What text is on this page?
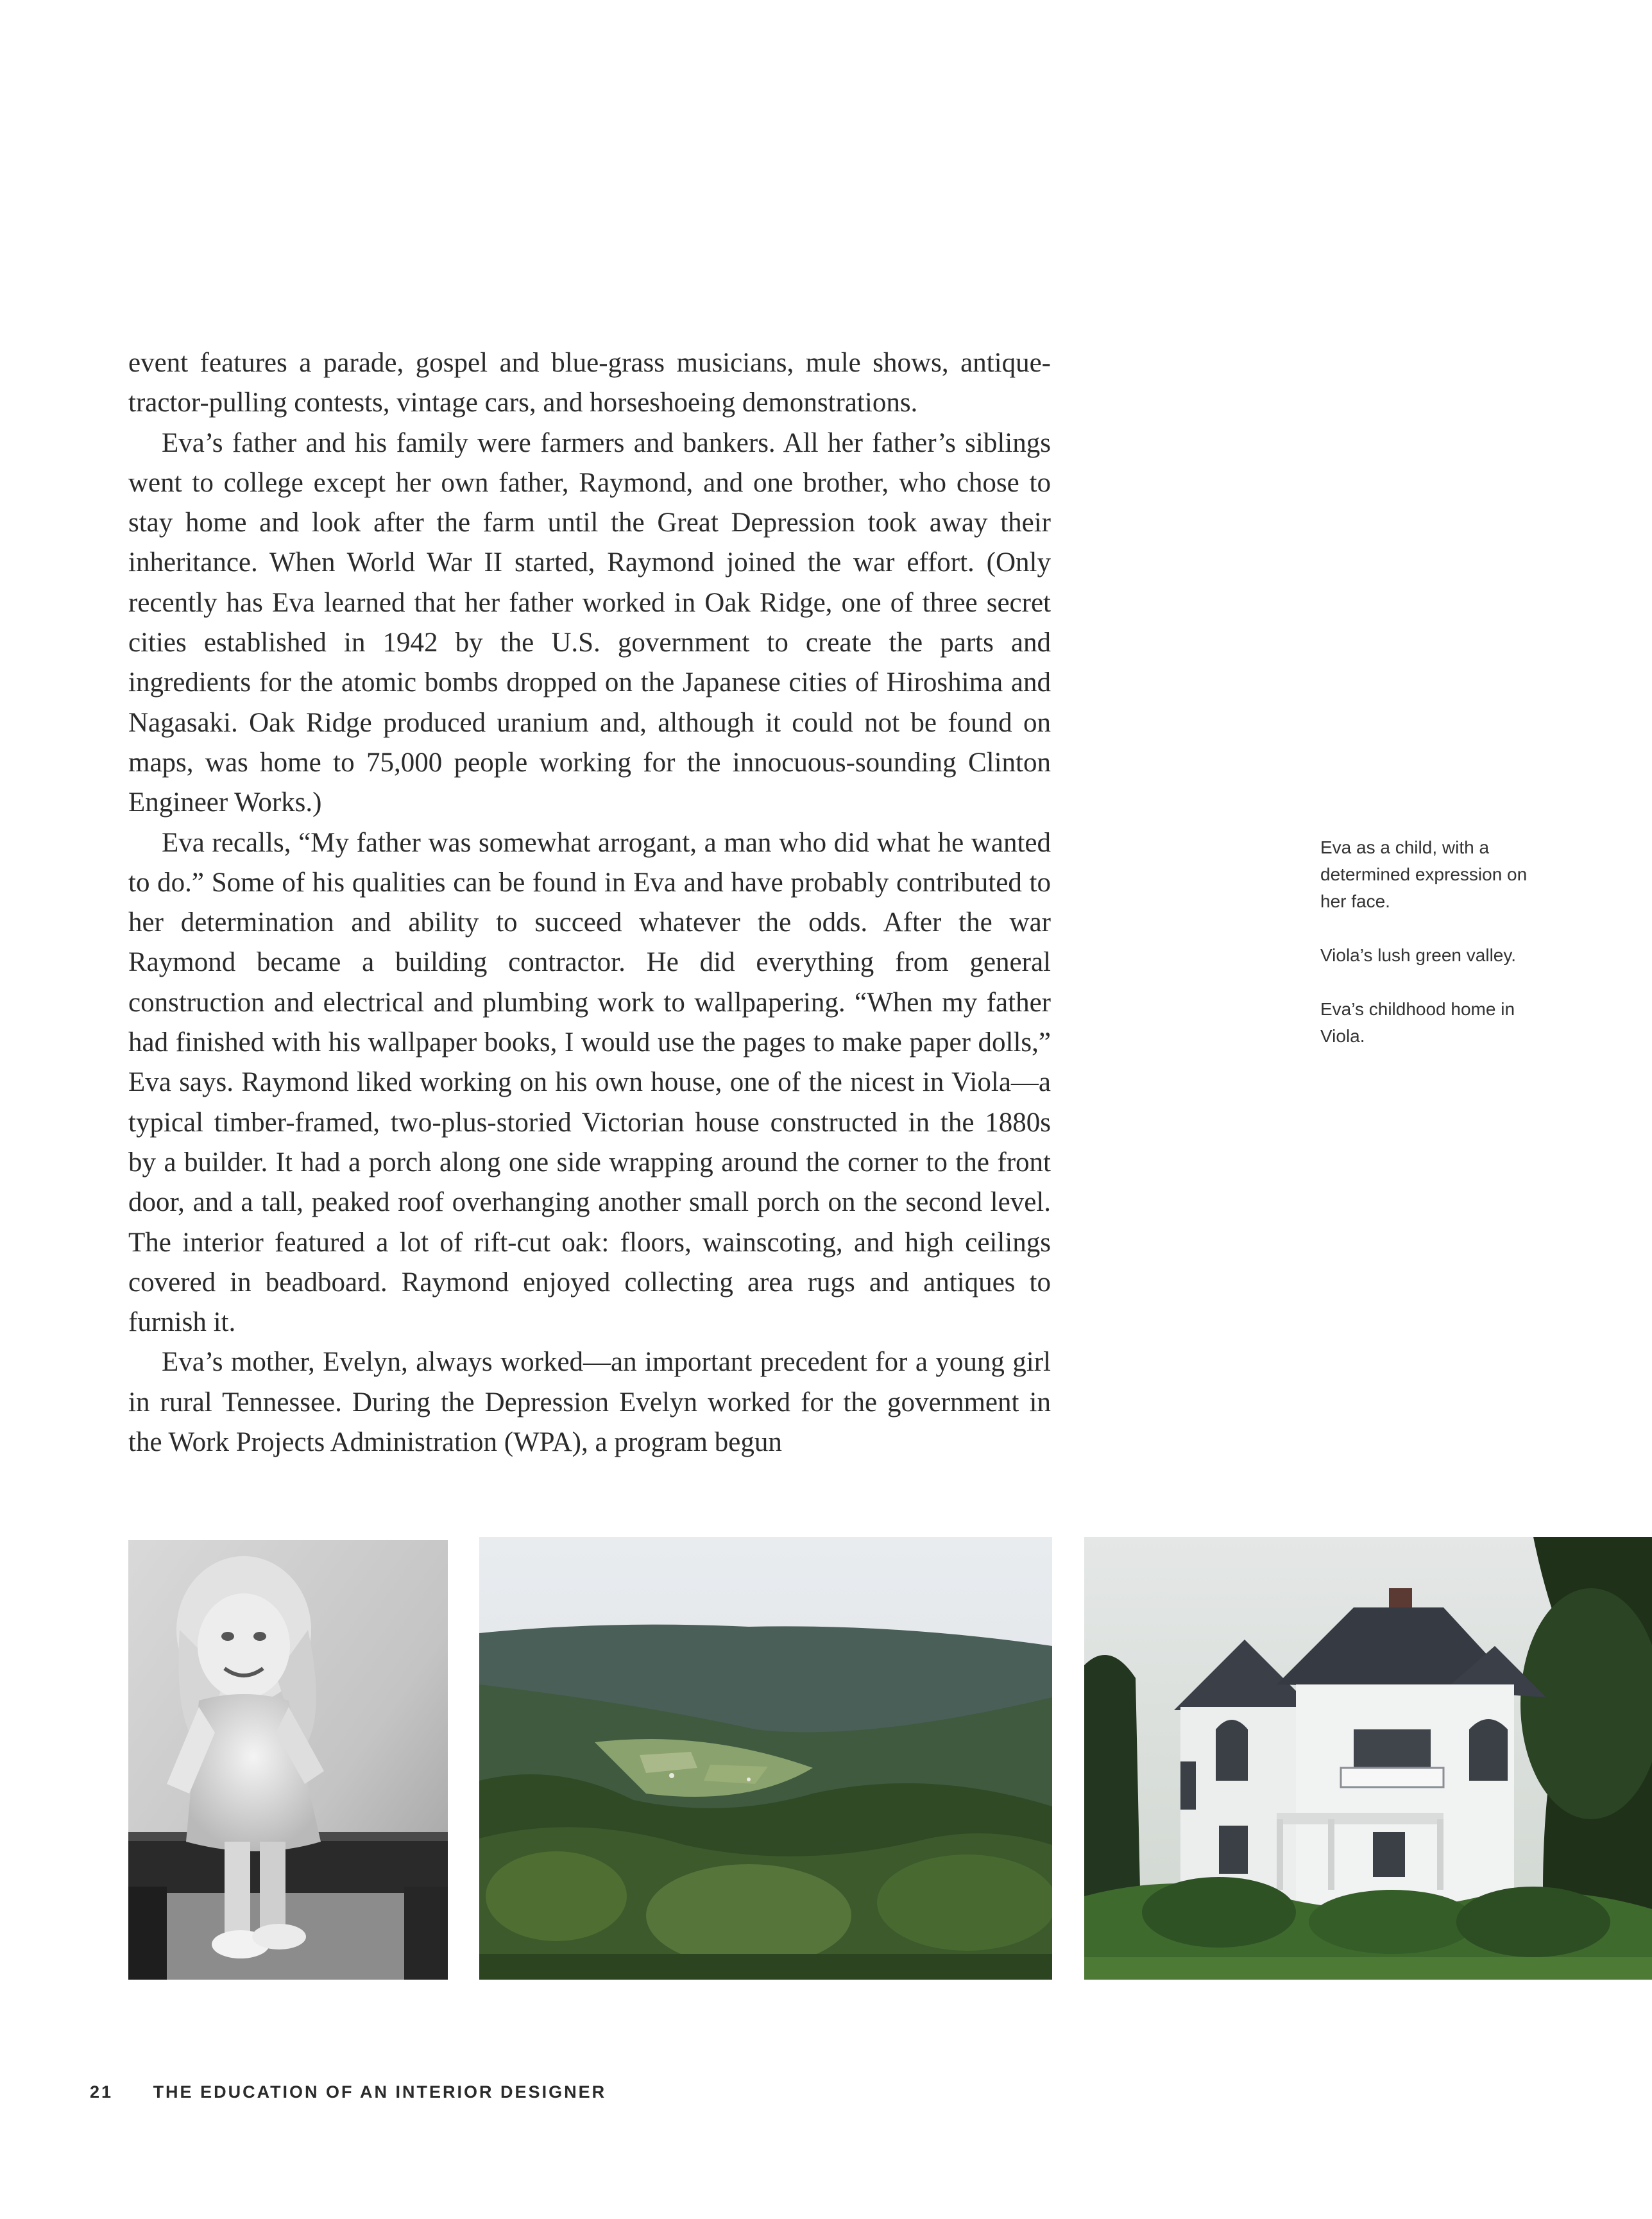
event features a parade, gospel and blue-grass musicians, mule shows, antique-tractor-pulling contests, vintage cars, and horseshoeing demonstrations.

Eva’s father and his family were farmers and bankers. All her father’s siblings went to college except her own father, Raymond, and one brother, who chose to stay home and look after the farm until the Great Depression took away their inheritance. When World War II started, Raymond joined the war effort. (Only recently has Eva learned that her father worked in Oak Ridge, one of three secret cities established in 1942 by the U.S. government to create the parts and ingredients for the atomic bombs dropped on the Japanese cities of Hiroshima and Nagasaki. Oak Ridge produced uranium and, although it could not be found on maps, was home to 75,000 people working for the innocuous-sounding Clinton Engineer Works.)

Eva recalls, “My father was somewhat arrogant, a man who did what he wanted to do.” Some of his qualities can be found in Eva and have probably contributed to her determination and ability to succeed whatever the odds. After the war Raymond became a building contractor. He did everything from general construction and electrical and plumbing work to wallpapering. “When my father had finished with his wallpaper books, I would use the pages to make paper dolls,” Eva says. Raymond liked working on his own house, one of the nicest in Viola—a typical timber-framed, two-plus-storied Victorian house constructed in the 1880s by a builder. It had a porch along one side wrapping around the corner to the front door, and a tall, peaked roof overhanging another small porch on the second level. The interior featured a lot of rift-cut oak: floors, wainscoting, and high ceilings covered in beadboard. Raymond enjoyed collecting area rugs and antiques to furnish it.

Eva’s mother, Evelyn, always worked—an important precedent for a young girl in rural Tennessee. During the Depression Evelyn worked for the government in the Work Projects Administration (WPA), a program begun

Eva as a child, with a determined expression on her face.

Viola’s lush green valley.

Eva’s childhood home in Viola.

21 THE EDUCATION OF AN INTERIOR DESIGNER
